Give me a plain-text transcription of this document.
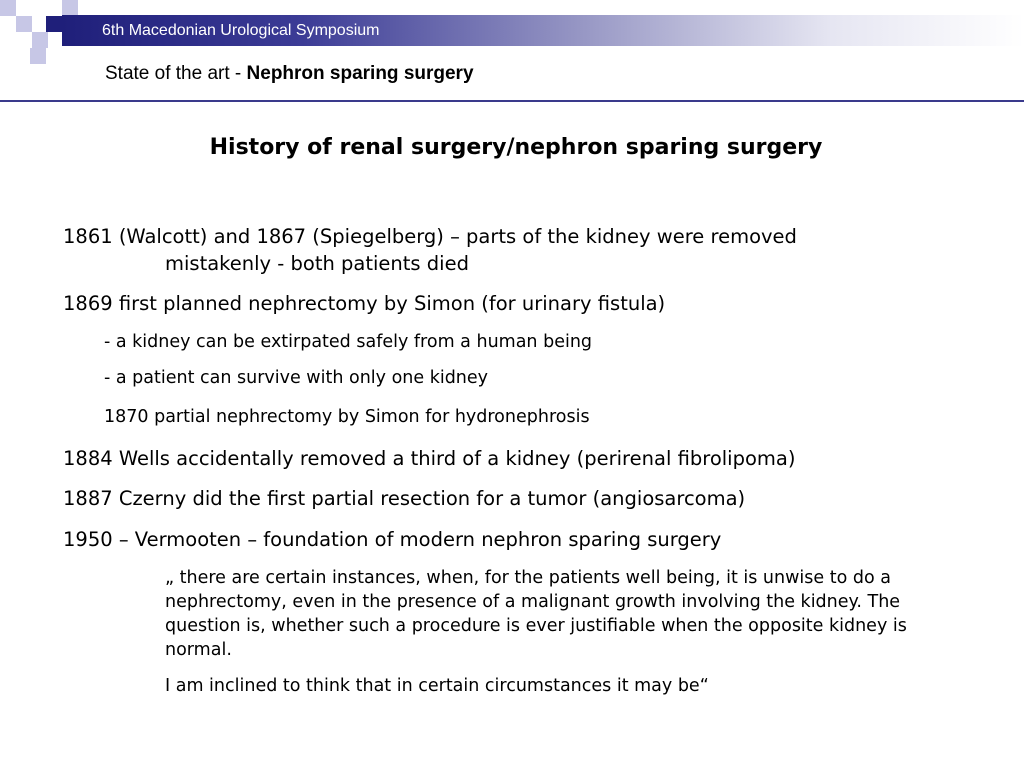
6th Macedonian Urological Symposium
State of the art - Nephron sparing surgery
History of renal surgery/nephron sparing surgery
1861 (Walcott) and 1867 (Spiegelberg) – parts of the kidney were removed
mistakenly - both patients died
1869 first planned nephrectomy by Simon (for urinary fistula)
- a kidney can be extirpated safely from a human being
- a patient can survive with only one kidney
1870 partial nephrectomy by Simon for hydronephrosis
1884 Wells accidentally removed a third of a kidney (perirenal fibrolipoma)
1887 Czerny did the first partial resection for a tumor (angiosarcoma)
1950 – Vermooten – foundation of modern nephron sparing surgery
„ there are certain instances, when, for the patients well being, it is unwise to do a nephrectomy, even in the presence of a malignant growth involving the kidney. The question is, whether such a procedure is ever justifiable when the opposite kidney is normal.
I am inclined to think that in certain circumstances it may be“
